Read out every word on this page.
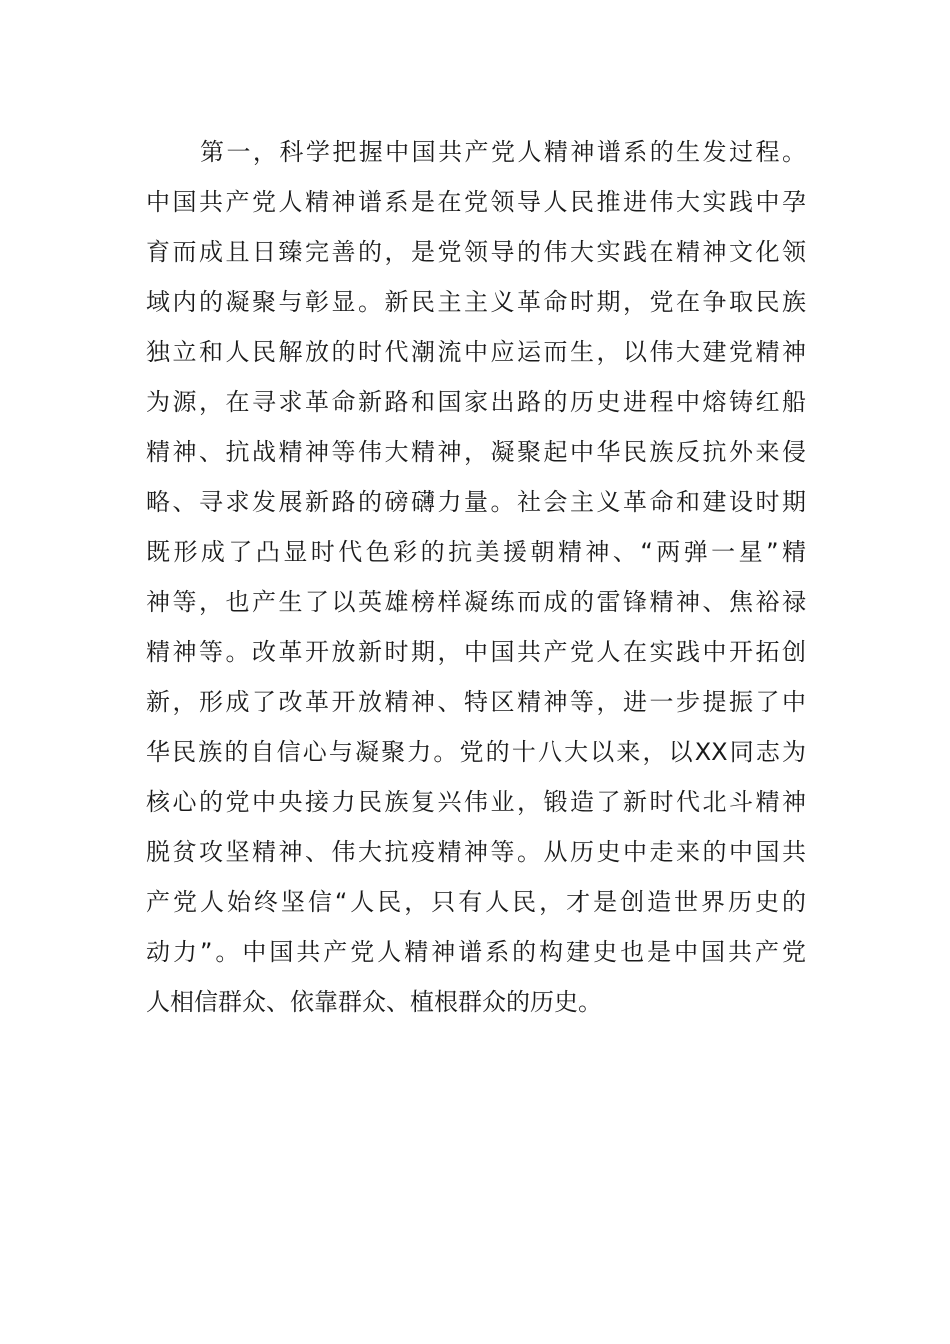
第一，科学把握中国共产党人精神谱系的生发过程。
中国共产党人精神谱系是在党领导人民推进伟大实践中孕
育而成且日臻完善的，是党领导的伟大实践在精神文化领
域内的凝聚与彰显。新民主主义革命时期，党在争取民族
独立和人民解放的时代潮流中应运而生，以伟大建党精神
为源，在寻求革命新路和国家出路的历史进程中熔铸红船
精神、抗战精神等伟大精神，凝聚起中华民族反抗外来侵
略、寻求发展新路的磅礴力量。社会主义革命和建设时期
既形成了凸显时代色彩的抗美援朝精神、“两弹一星”精
神等，也产生了以英雄榜样凝练而成的雷锋精神、焦裕禄
精神等。改革开放新时期，中国共产党人在实践中开拓创
新，形成了改革开放精神、特区精神等，进一步提振了中
华民族的自信心与凝聚力。党的十八大以来，以XX同志为
核心的党中央接力民族复兴伟业，锻造了新时代北斗精神
脱贫攻坚精神、伟大抗疫精神等。从历史中走来的中国共
产党人始终坚信“人民，只有人民，才是创造世界历史的
动力”。中国共产党人精神谱系的构建史也是中国共产党
人相信群众、依靠群众、植根群众的历史。
